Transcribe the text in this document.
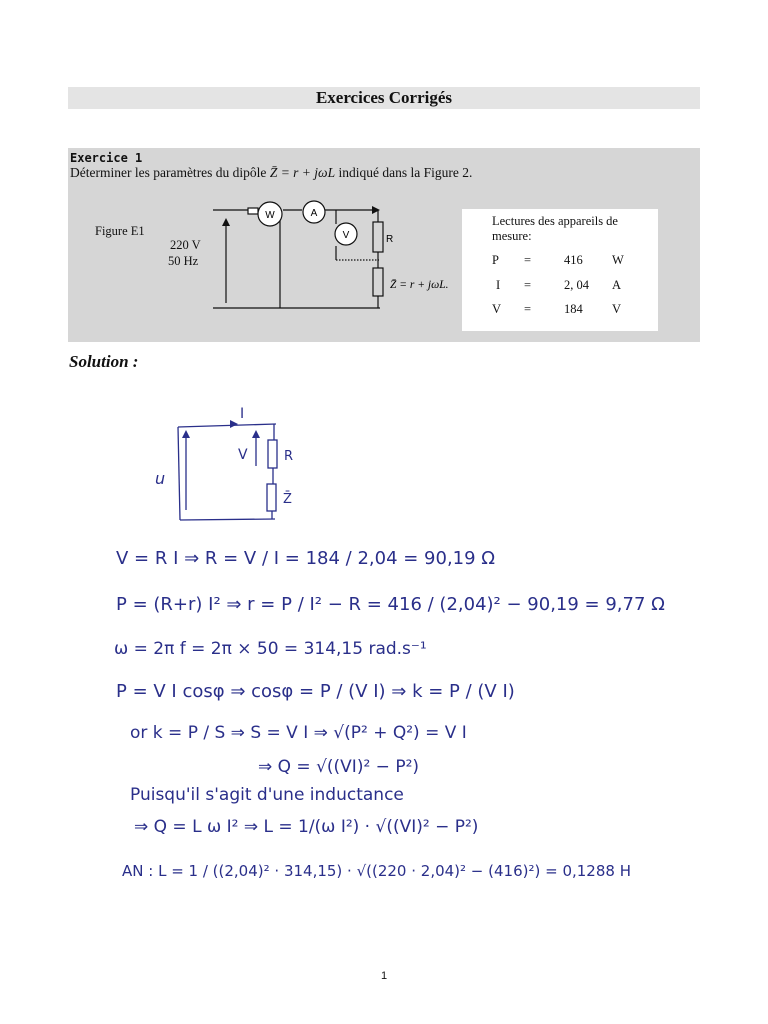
Exercices Corrigés
Exercice 1
Déterminer les paramètres du dipôle Z̄ = r + jωL indiqué dans la Figure 2.
Figure E1
220 V
50 Hz
W	A
V	R
Z̄ = r + jωL.
Lectures des appareils de mesure:
P =	416 W
I =	2, 04 A
V =	184 V
Solution :
I
u
V	R
Z̄
V = R I ⇒ R = V / I = 184 / 2,04 = 90,19 Ω
P = (R+r) I² ⇒ r = P / I² − R = 416 / (2,04)² − 90,19 = 9,77 Ω
ω = 2π f = 2π × 50 = 314,15 rad.s⁻¹
P = V I cosφ ⇒ cosφ = P / (V I) ⇒ k = P / (V I)
or k = P / S ⇒ S = V I ⇒ √(P² + Q²) = V I
⇒ Q = √((VI)² − P²)
Puisqu'il s'agit d'une inductance
⇒ Q = L ω I² ⇒ L = 1/(ω I²) · √((VI)² − P²)
AN : L = 1 / ((2,04)² · 314,15) · √((220 · 2,04)² − (416)²) = 0,1288 H
1
